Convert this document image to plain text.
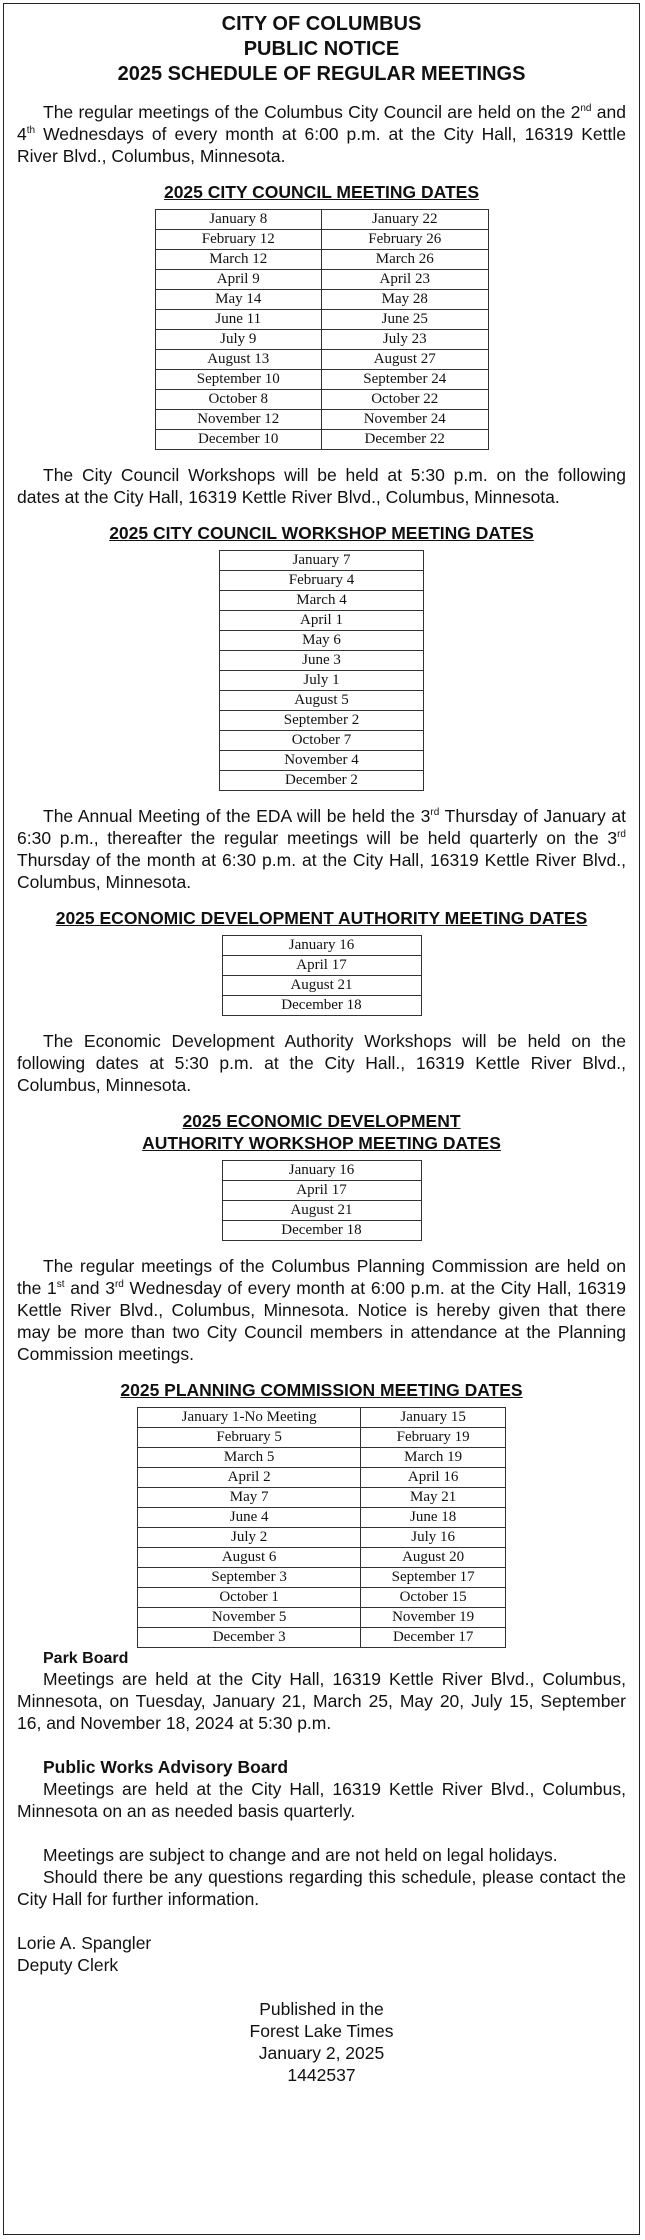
CITY OF COLUMBUS
PUBLIC NOTICE
2025 SCHEDULE OF REGULAR MEETINGS

The regular meetings of the Columbus City Council are held on the 2nd and 4th Wednesdays of every month at 6:00 p.m. at the City Hall, 16319 Kettle River Blvd., Columbus, Minnesota.

2025 CITY COUNCIL MEETING DATES
January 8	January 22
February 12	February 26
March 12	March 26
April 9	April 23
May 14	May 28
June 11	June 25
July 9	July 23
August 13	August 27
September 10	September 24
October 8	October 22
November 12	November 24
December 10	December 22

The City Council Workshops will be held at 5:30 p.m. on the following dates at the City Hall, 16319 Kettle River Blvd., Columbus, Minnesota.

2025 CITY COUNCIL WORKSHOP MEETING DATES
January 7
February 4
March 4
April 1
May 6
June 3
July 1
August 5
September 2
October 7
November 4
December 2

The Annual Meeting of the EDA will be held the 3rd Thursday of January at 6:30 p.m., thereafter the regular meetings will be held quarterly on the 3rd Thursday of the month at 6:30 p.m. at the City Hall, 16319 Kettle River Blvd., Columbus, Minnesota.

2025 ECONOMIC DEVELOPMENT AUTHORITY MEETING DATES
January 16
April 17
August 21
December 18

The Economic Development Authority Workshops will be held on the following dates at 5:30 p.m. at the City Hall., 16319 Kettle River Blvd., Columbus, Minnesota.

2025 ECONOMIC DEVELOPMENT
AUTHORITY WORKSHOP MEETING DATES
January 16
April 17
August 21
December 18

The regular meetings of the Columbus Planning Commission are held on the 1st and 3rd Wednesday of every month at 6:00 p.m. at the City Hall, 16319 Kettle River Blvd., Columbus, Minnesota. Notice is hereby given that there may be more than two City Council members in attendance at the Planning Commission meetings.

2025 PLANNING COMMISSION MEETING DATES
January 1-No Meeting	January 15
February 5	February 19
March 5	March 19
April 2	April 16
May 7	May 21
June 4	June 18
July 2	July 16
August 6	August 20
September 3	September 17
October 1	October 15
November 5	November 19
December 3	December 17
Park Board

Meetings are held at the City Hall, 16319 Kettle River Blvd., Columbus, Minnesota, on Tuesday, January 21, March 25, May 20, July 15, September 16, and November 18, 2024 at 5:30 p.m.

Public Works Advisory Board

Meetings are held at the City Hall, 16319 Kettle River Blvd., Columbus, Minnesota on an as needed basis quarterly.

Meetings are subject to change and are not held on legal holidays.

Should there be any questions regarding this schedule, please contact the City Hall for further information.

Lorie A. Spangler
Deputy Clerk
Published in the
Forest Lake Times
January 2, 2025
1442537
